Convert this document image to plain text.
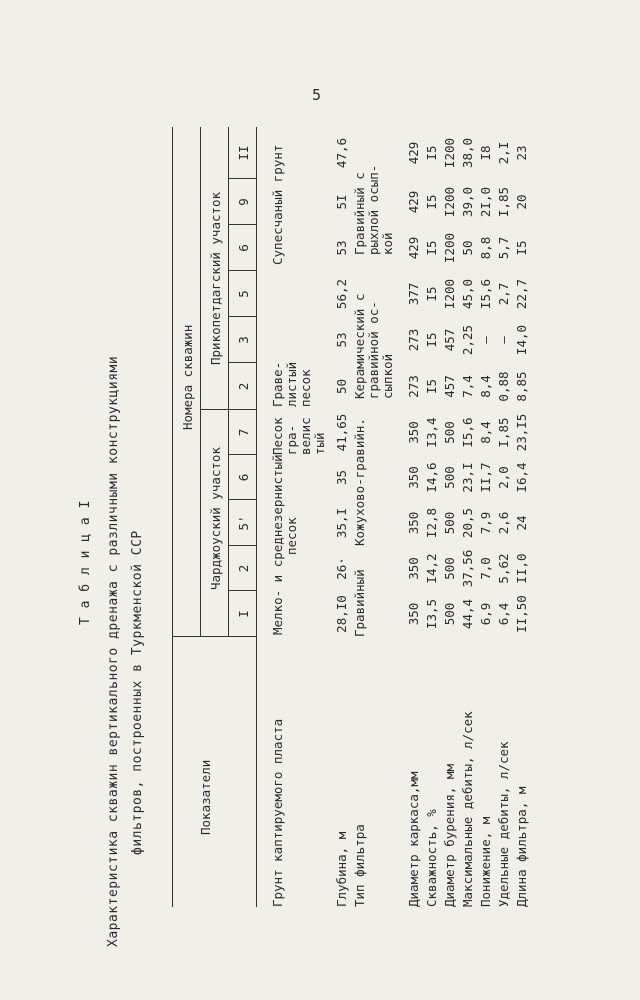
5
Т а б л и ц а I Характеристика скважин вертикального дренажа с различными конструкциями фильтров, построенных в Туркменской ССР	Показатели
Номера скважин
Чарджоуский участок
Прикопетдагский участок
I
2
5'
6
7
2
3
5
6
9
II
Грунт каптируемого пласта
Мелко- и среднезернистый песок
Песок гра- велис тый
Граве- листый песок
Супесчаный грунт
Глубина, м
28,I0
26·
35,I
35
41,65
50
53
56,2
53
5I
47,6
Тип фильтра
Гравийный
Кожухово-гравийн.
Керамический с гравийной ос- сыпкой
Гравийный с рыхлой осып- кой
Диаметр каркаса,мм
350
350
350
350
350
273
273
377
429
429
429
Скважность, %
I3,5
I4,2
I2,8
I4,6
I3,4
I5
I5
I5
I5
I5
I5
Диаметр бурения, мм
500
500
500
500
500
457
457
I200
I200
I200
I200
Максимальные дебиты, л/сек
44,4
37,56
20,5
23,I
I5,6
7,4
2,25
45,0
50
39,0
38,0
Понижение, м
6,9
7,0
7,9
II,7
8,4
8,4
–
I5,6
8,8
2I,0
I8
Удельные дебиты, л/сек
6,4
5,62
2,6
2,0
I,85
0,88
–
2,7
5,7
I,85
2,I
Длина фильтра, м
II,50
II,0
24
I6,4
23,I5
8,85
I4,0
22,7
I5
20
23
